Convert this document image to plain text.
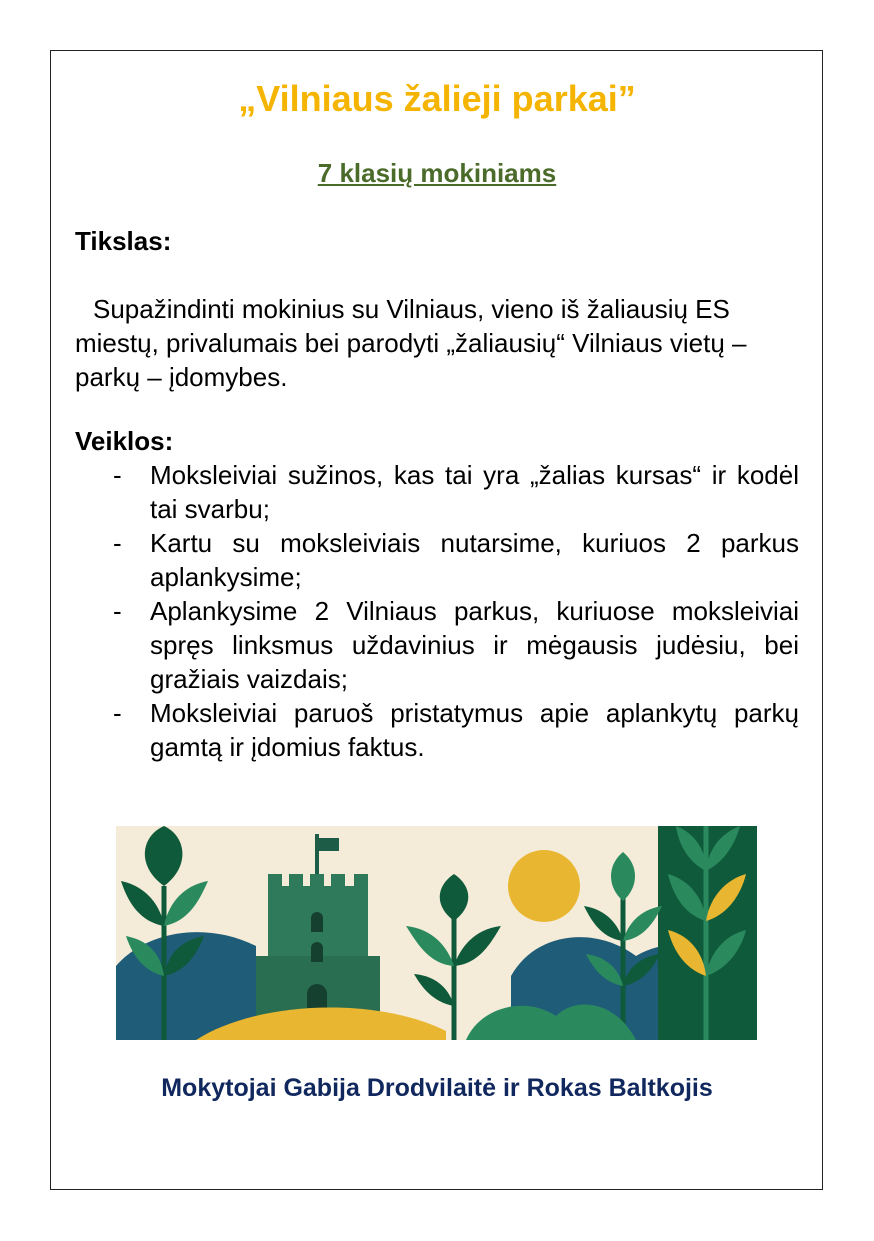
„Vilniaus žalieji parkai”
7 klasių mokiniams
Tikslas:

Supažindinti mokinius su Vilniaus, vieno iš žaliausių ES miestų, privalumais bei parodyti „žaliausių“ Vilniaus vietų – parkų – įdomybes.

Veiklos:
- Moksleiviai sužinos, kas tai yra „žalias kursas“ ir kodėl tai svarbu;
- Kartu su moksleiviais nutarsime, kuriuos 2 parkus aplankysime;
- Aplankysime 2 Vilniaus parkus, kuriuose moksleiviai spręs linksmus uždavinius ir mėgausis judėsiu, bei gražiais vaizdais;
- Moksleiviai paruoš pristatymus apie aplankytų parkų gamtą ir įdomius faktus.

Mokytojai Gabija Drodvilaitė ir Rokas Baltkojis
